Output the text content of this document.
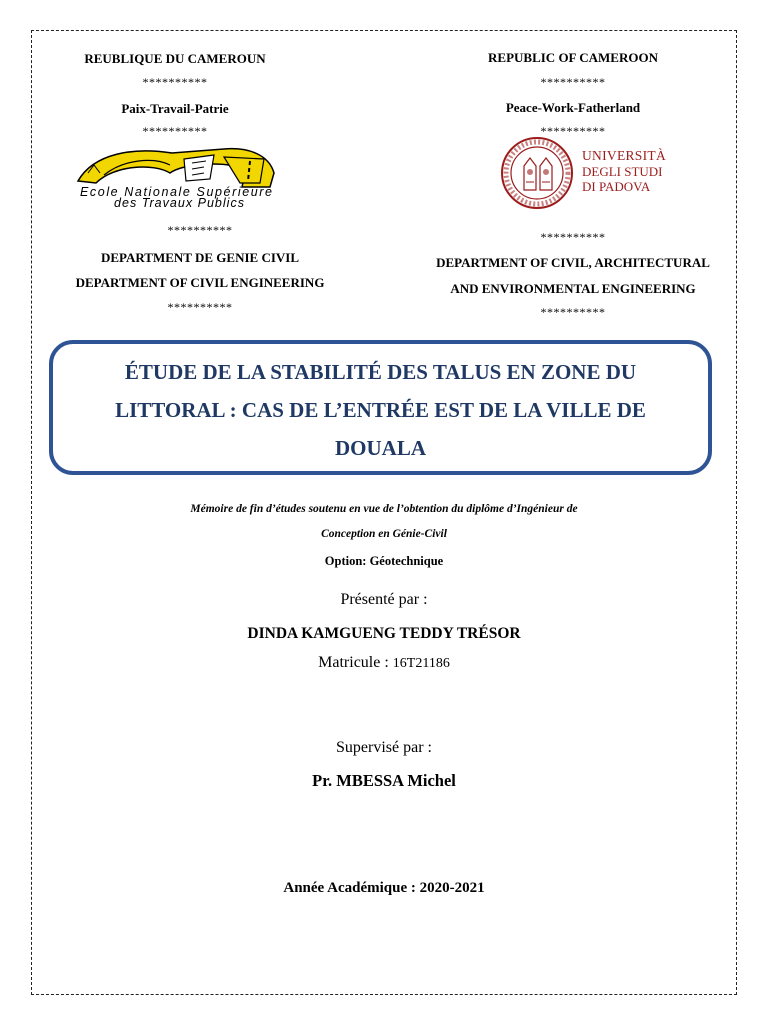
REUBLIQUE DU CAMEROUN
**********
Paix-Travail-Patrie
**********
Ecole Nationale Supérieure
des Travaux Publics
**********
DEPARTMENT DE GENIE CIVIL
DEPARTMENT OF CIVIL ENGINEERING
**********
REPUBLIC OF CAMEROON
**********
Peace-Work-Fatherland
**********
UNIVERSITÀ
DEGLI STUDI
DI PADOVA
**********
DEPARTMENT OF CIVIL, ARCHITECTURAL
AND ENVIRONMENTAL ENGINEERING
**********
ÉTUDE DE LA STABILITÉ DES TALUS EN ZONE DU
LITTORAL : CAS DE L’ENTRÉE EST DE LA VILLE DE
DOUALA
Mémoire de fin d’études soutenu en vue de l’obtention du diplôme d’Ingénieur de
Conception en Génie-Civil
Option: Géotechnique
Présenté par :
DINDA KAMGUENG TEDDY TRÉSOR
Matricule : 16T21186
Supervisé par :
Pr. MBESSA Michel
Année Académique : 2020-2021
